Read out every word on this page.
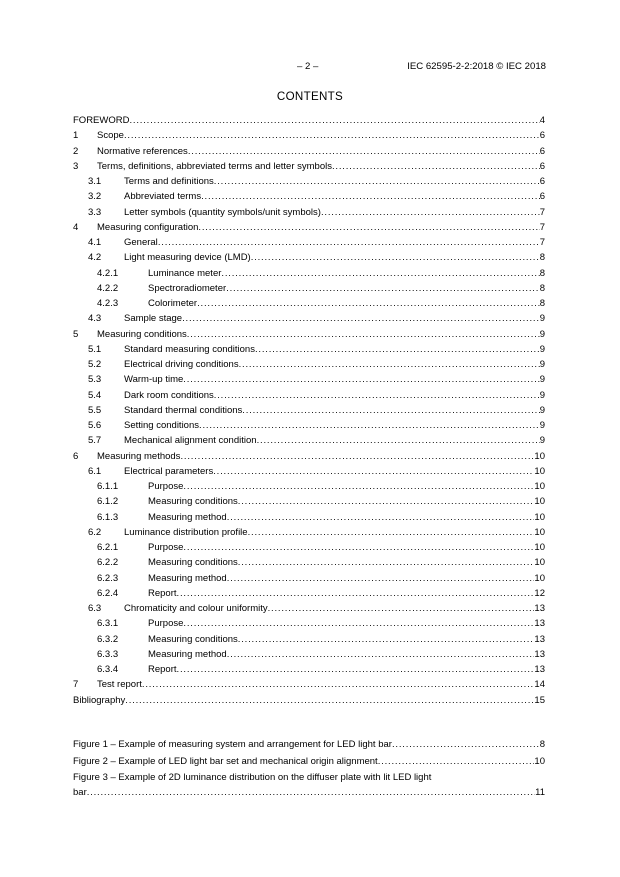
– 2 –	IEC 62595-2-2:2018 © IEC 2018
CONTENTS
FOREWORD .....	4
1	Scope .....	6
2	Normative references .....	6
3	Terms, definitions, abbreviated terms and letter symbols .....	6
3.1	Terms and definitions .....	6
3.2	Abbreviated terms .....	6
3.3	Letter symbols (quantity symbols/unit symbols) .....	7
4	Measuring configuration .....	7
4.1	General .....	7
4.2	Light measuring device (LMD) .....	8
4.2.1	Luminance meter .....	8
4.2.2	Spectroradiometer .....	8
4.2.3	Colorimeter .....	8
4.3	Sample stage .....	9
5	Measuring conditions .....	9
5.1	Standard measuring conditions .....	9
5.2	Electrical driving conditions .....	9
5.3	Warm-up time .....	9
5.4	Dark room conditions .....	9
5.5	Standard thermal conditions .....	9
5.6	Setting conditions .....	9
5.7	Mechanical alignment condition .....	9
6	Measuring methods .....	10
6.1	Electrical parameters .....	10
6.1.1	Purpose .....	10
6.1.2	Measuring conditions .....	10
6.1.3	Measuring method .....	10
6.2	Luminance distribution profile .....	10
6.2.1	Purpose .....	10
6.2.2	Measuring conditions .....	10
6.2.3	Measuring method .....	10
6.2.4	Report .....	12
6.3	Chromaticity and colour uniformity .....	13
6.3.1	Purpose .....	13
6.3.2	Measuring conditions .....	13
6.3.3	Measuring method .....	13
6.3.4	Report .....	13
7	Test report .....	14
Bibliography .....	15
Figure 1 – Example of measuring system and arrangement for LED light bar .....	8
Figure 2 – Example of LED light bar set and mechanical origin alignment .....	10
Figure 3 – Example of 2D luminance distribution on the diffuser plate with lit LED light
bar .....	11
